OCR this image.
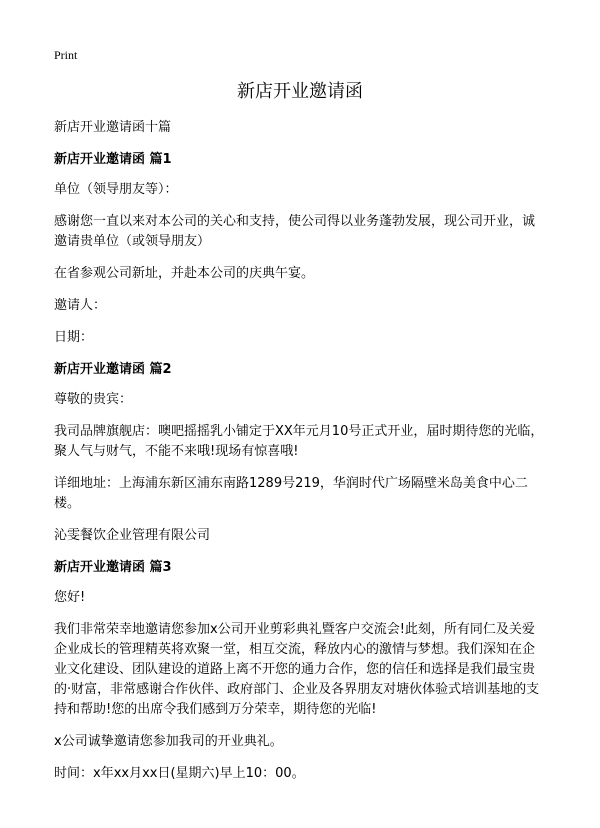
Print
新店开业邀请函

新店开业邀请函十篇

新店开业邀请函 篇1

单位（领导朋友等）：

感谢您一直以来对本公司的关心和支持，使公司得以业务蓬勃发展，现公司开业，诚邀请贵单位（或领导朋友）

在省参观公司新址，并赴本公司的庆典午宴。

邀请人：

日期：

新店开业邀请函 篇2

尊敬的贵宾：

我司品牌旗舰店：噢吧摇摇乳小铺定于XX年元月10号正式开业，届时期待您的光临，聚人气与财气，不能不来哦!现场有惊喜哦!

详细地址：上海浦东新区浦东南路1289号219，华润时代广场隔壁米岛美食中心二楼。

沁雯餐饮企业管理有限公司

新店开业邀请函 篇3

您好!

我们非常荣幸地邀请您参加x公司开业剪彩典礼暨客户交流会!此刻，所有同仁及关爱企业成长的管理精英将欢聚一堂，相互交流，释放内心的激情与梦想。我们深知在企业文化建设、团队建设的道路上离不开您的通力合作，您的信任和选择是我们最宝贵的·财富，非常感谢合作伙伴、政府部门、企业及各界朋友对塘伙体验式培训基地的支持和帮助!您的出席令我们感到万分荣幸，期待您的光临!

x公司诚挚邀请您参加我司的开业典礼。

时间：x年xx月xx日(星期六)早上10：00。
